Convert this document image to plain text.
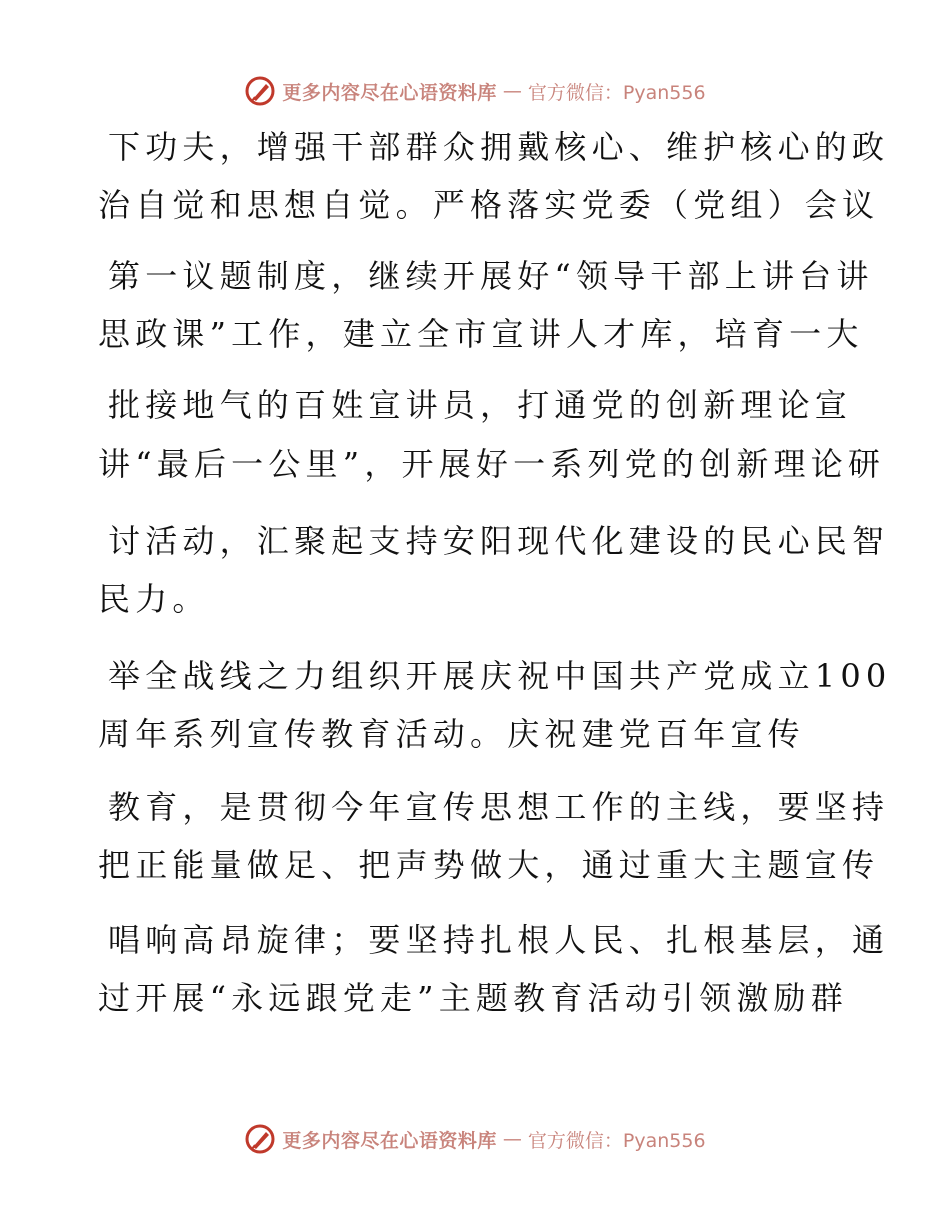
更多内容尽在心语资料库 — 官方微信：Pyan556
下功夫，增强干部群众拥戴核心、维护核心的政
治自觉和思想自觉。严格落实党委（党组）会议
第一议题制度，继续开展好“领导干部上讲台讲
思政课”工作，建立全市宣讲人才库，培育一大
批接地气的百姓宣讲员，打通党的创新理论宣
讲“最后一公里”，开展好一系列党的创新理论研
讨活动，汇聚起支持安阳现代化建设的民心民智
民力。
举全战线之力组织开展庆祝中国共产党成立100
周年系列宣传教育活动。庆祝建党百年宣传
教育，是贯彻今年宣传思想工作的主线，要坚持
把正能量做足、把声势做大，通过重大主题宣传
唱响高昂旋律；要坚持扎根人民、扎根基层，通
过开展“永远跟党走”主题教育活动引领激励群
更多内容尽在心语资料库 — 官方微信：Pyan556
